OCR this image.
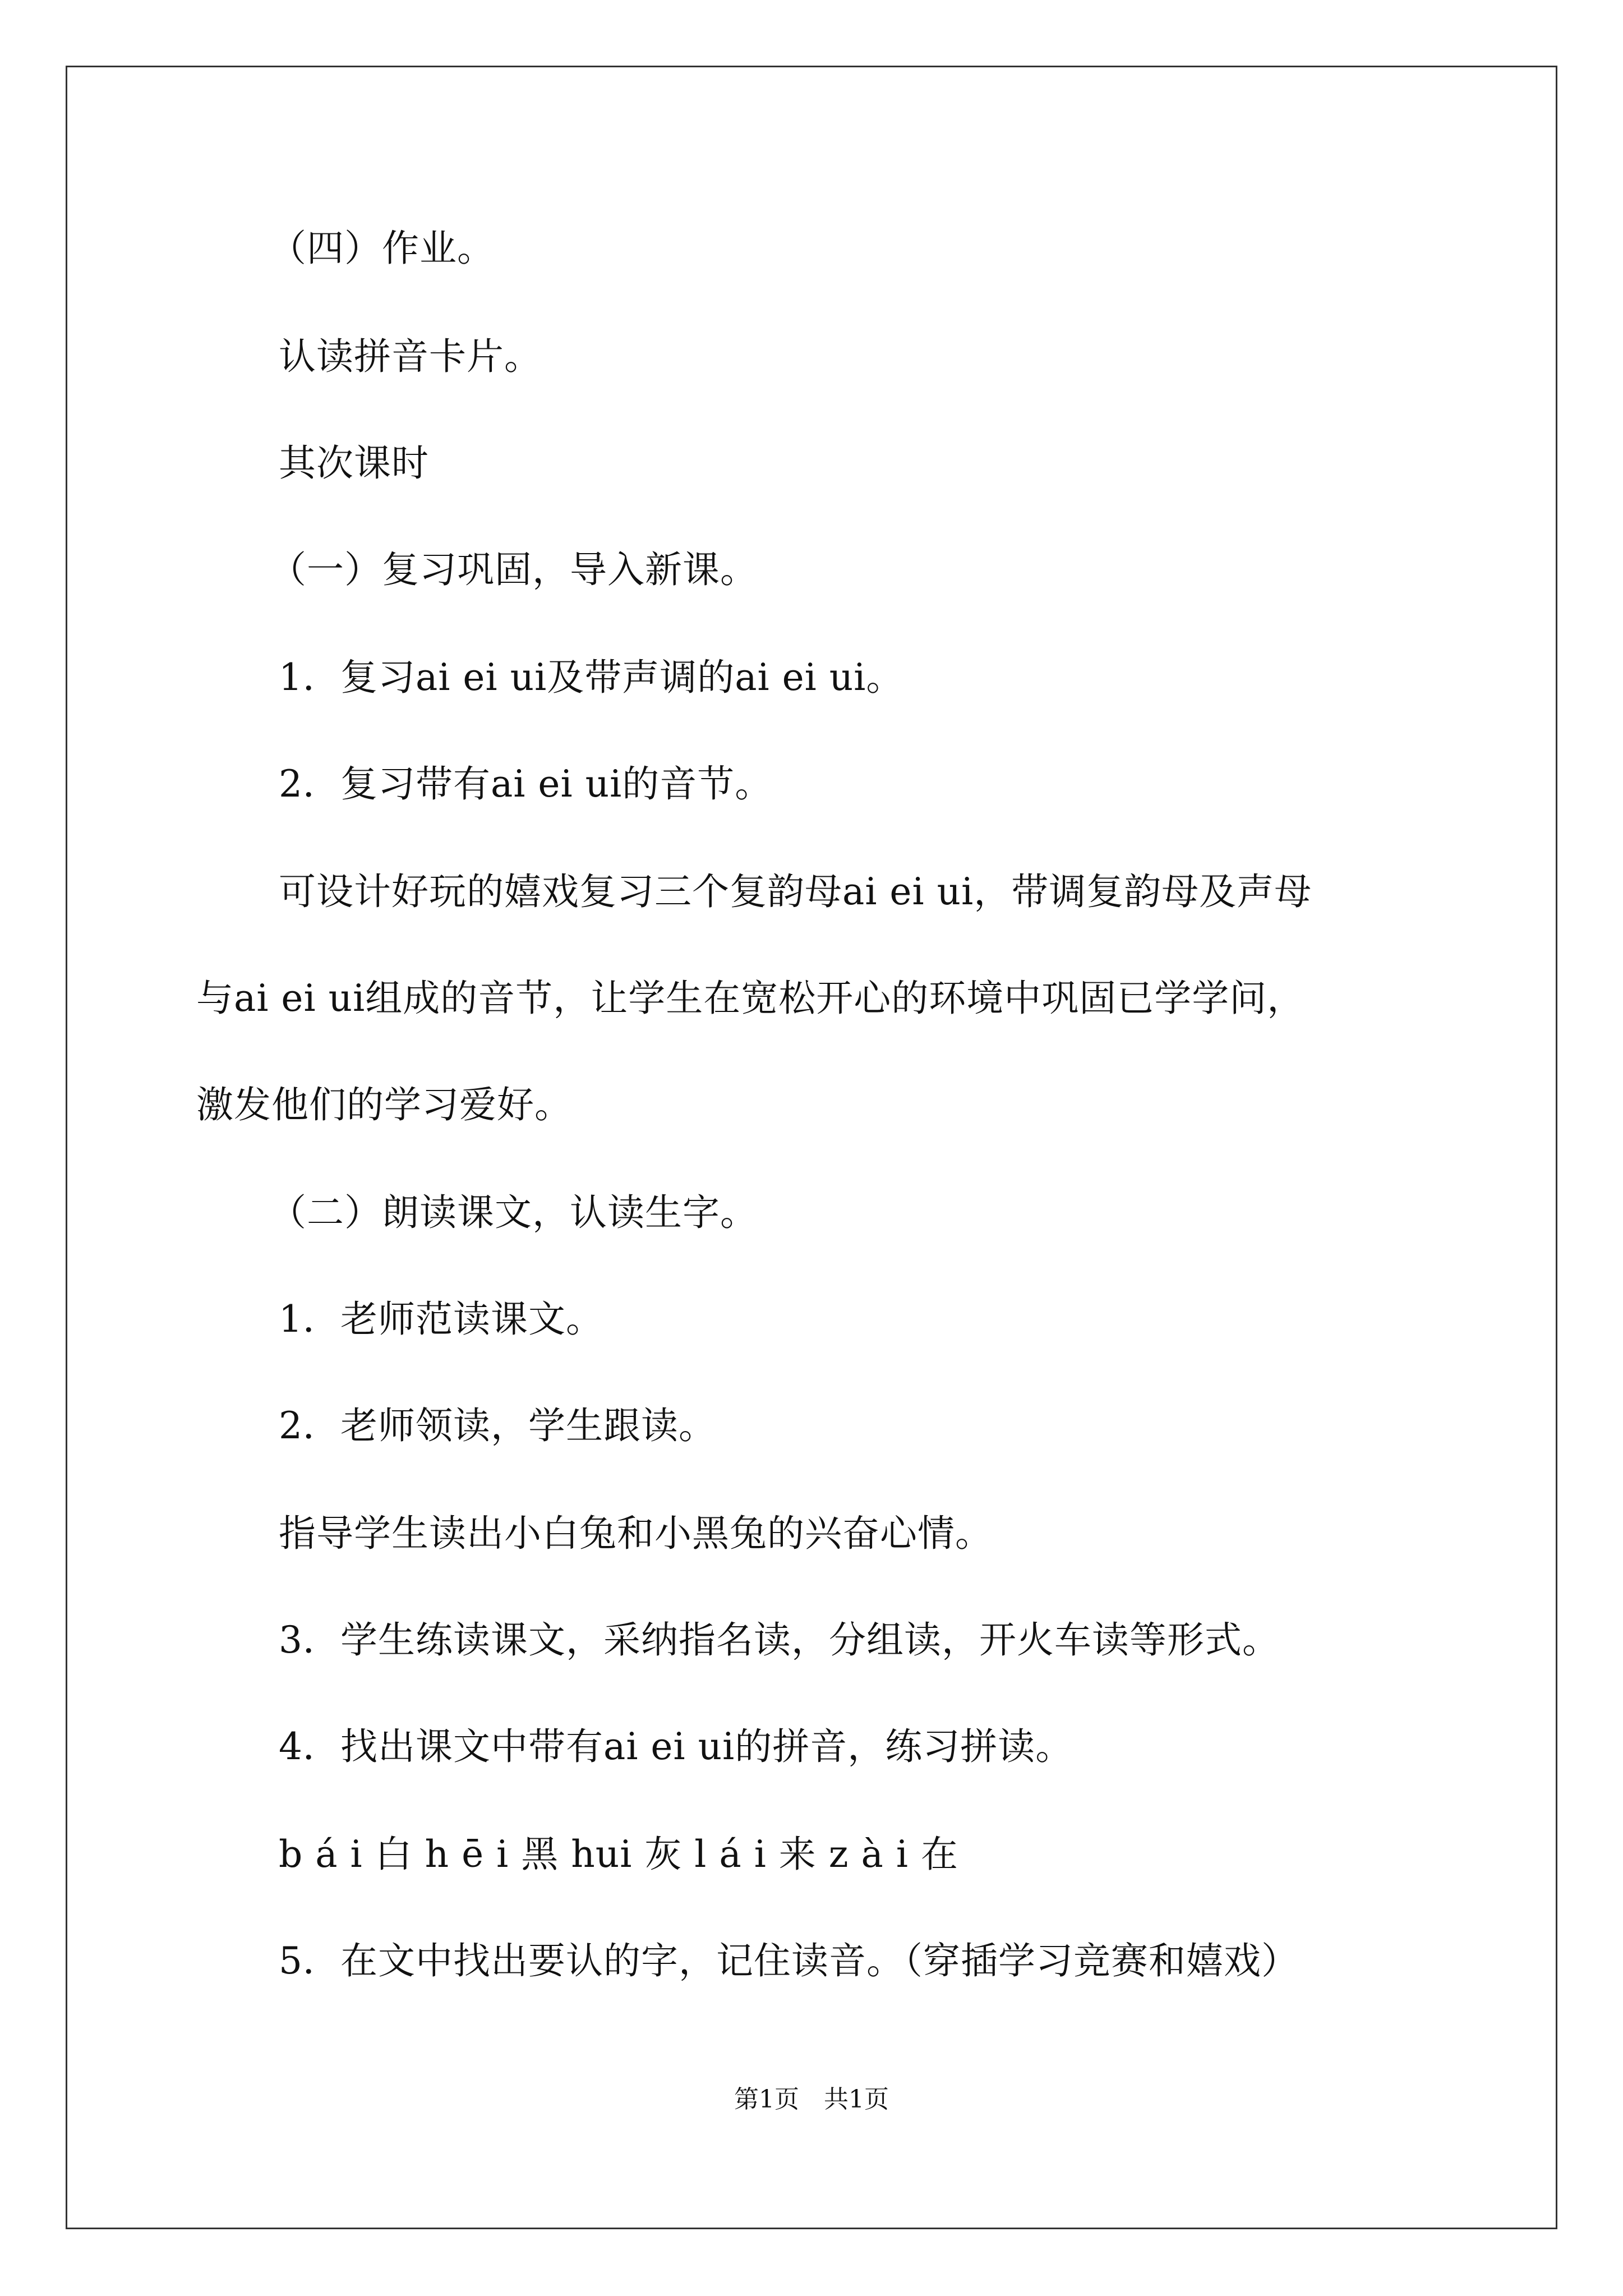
（四）作业。
认读拼音卡片。
其次课时
（一）复习巩固，导入新课。
1．复习ai ei ui及带声调的ai ei ui。
2．复习带有ai ei ui的音节。
可设计好玩的嬉戏复习三个复韵母ai ei ui，带调复韵母及声母
与ai ei ui组成的音节，让学生在宽松开心的环境中巩固已学学问，
激发他们的学习爱好。
（二）朗读课文，认读生字。
1．老师范读课文。
2．老师领读，学生跟读。
指导学生读出小白兔和小黑兔的兴奋心情。
3．学生练读课文，采纳指名读，分组读，开火车读等形式。
4．找出课文中带有ai ei ui的拼音，练习拼读。
b á i 白 h ē i 黑 hui 灰 l á i 来 z à i 在
5．在文中找出要认的字，记住读音。（穿插学习竞赛和嬉戏）
第1页　共1页
